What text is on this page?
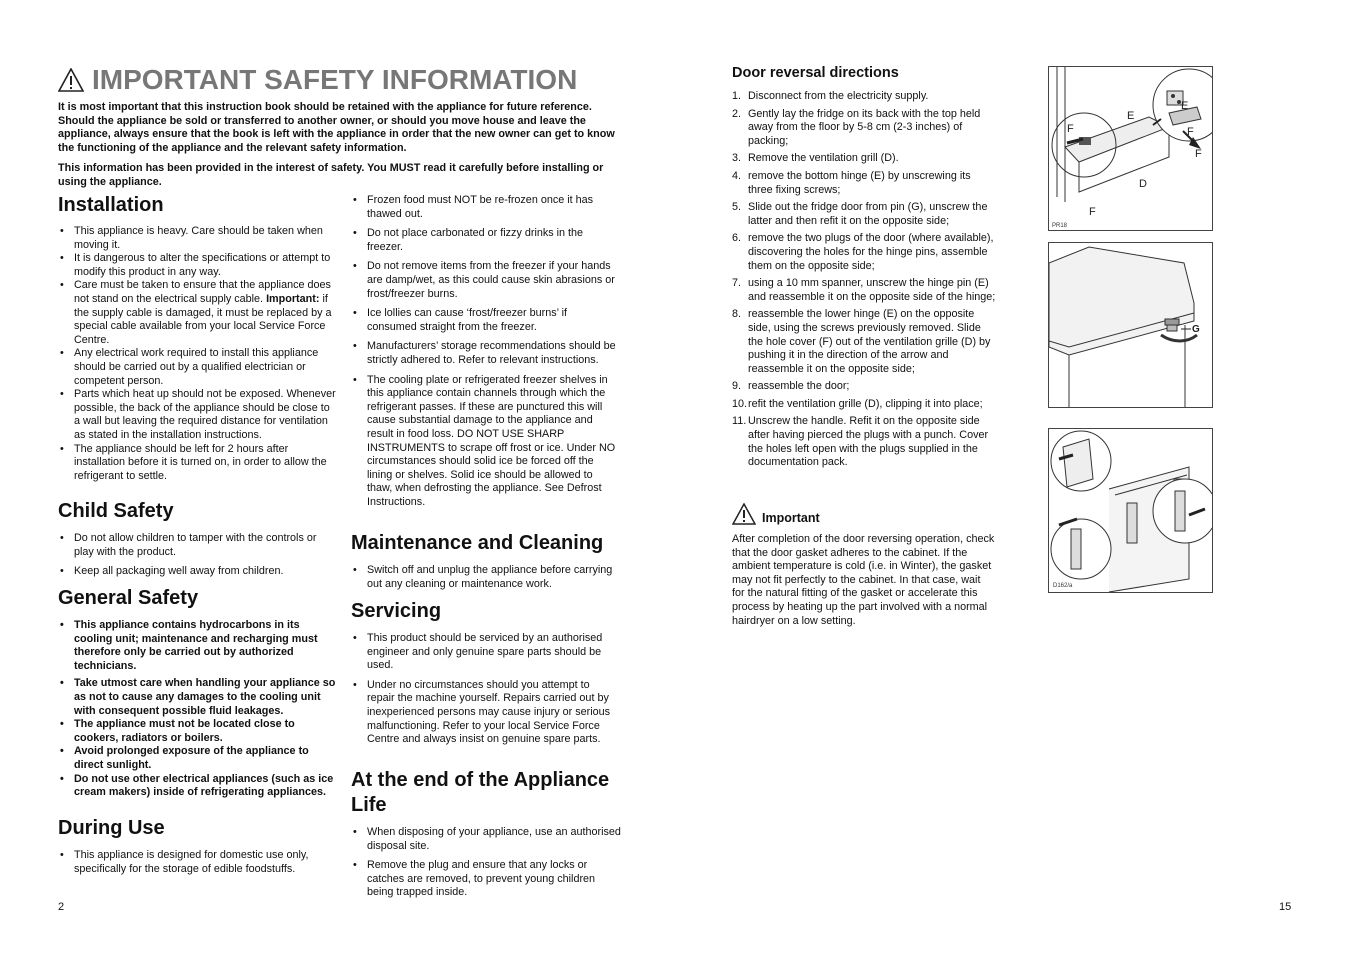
IMPORTANT SAFETY INFORMATION
It is most important that this instruction book should be retained with the appliance for future reference. Should the appliance be sold or transferred to another owner, or should you move house and leave the appliance, always ensure that the book is left with the appliance in order that the new owner can get to know the functioning of the appliance and the relevant safety information.
This information has been provided in the interest of safety. You MUST read it carefully before installing or using the appliance.
Installation
• This appliance is heavy. Care should be taken when moving it.
• It is dangerous to alter the specifications or attempt to modify this product in any way.
• Care must be taken to ensure that the appliance does not stand on the electrical supply cable. Important: if the supply cable is damaged, it must be replaced by a special cable available from your local Service Force Centre.
• Any electrical work required to install this appliance should be carried out by a qualified electrician or competent person.
• Parts which heat up should not be exposed. Whenever possible, the back of the appliance should be close to a wall but leaving the required distance for ventilation as stated in the installation instructions.
• The appliance should be left for 2 hours after installation before it is turned on, in order to allow the refrigerant to settle.
Child Safety
• Do not allow children to tamper with the controls or play with the product.
• Keep all packaging well away from children.
General Safety
• This appliance contains hydrocarbons in its cooling unit; maintenance and recharging must therefore only be carried out by authorized technicians.
• Take utmost care when handling your appliance so as not to cause any damages to the cooling unit with consequent possible fluid leakages.
• The appliance must not be located close to cookers, radiators or boilers.
• Avoid prolonged exposure of the appliance to direct sunlight.
• Do not use other electrical appliances (such as ice cream makers) inside of refrigerating appliances.
During Use
• This appliance is designed for domestic use only, specifically for the storage of edible foodstuffs.
2
• Frozen food must NOT be re-frozen once it has thawed out.
• Do not place carbonated or fizzy drinks in the freezer.
• Do not remove items from the freezer if your hands are damp/wet, as this could cause skin abrasions or frost/freezer burns.
• Ice lollies can cause ‘frost/freezer burns’ if consumed straight from the freezer.
• Manufacturers’ storage recommendations should be strictly adhered to. Refer to relevant instructions.
• The cooling plate or refrigerated freezer shelves in this appliance contain channels through which the refrigerant passes. If these are punctured this will cause substantial damage to the appliance and result in food loss. DO NOT USE SHARP INSTRUMENTS to scrape off frost or ice. Under NO circumstances should solid ice be forced off the lining or shelves. Solid ice should be allowed to thaw, when defrosting the appliance. See Defrost Instructions.
Maintenance and Cleaning
• Switch off and unplug the appliance before carrying out any cleaning or maintenance work.
Servicing
• This product should be serviced by an authorised engineer and only genuine spare parts should be used.
• Under no circumstances should you attempt to repair the machine yourself. Repairs carried out by inexperienced persons may cause injury or serious malfunctioning. Refer to your local Service Force Centre and always insist on genuine spare parts.
At the end of the Appliance Life
• When disposing of your appliance, use an authorised disposal site.
• Remove the plug and ensure that any locks or catches are removed, to prevent young children being trapped inside.
Door reversal directions
1. Disconnect from the electricity supply.
2. Gently lay the fridge on its back with the top held away from the floor by 5-8 cm (2-3 inches) of packing;
3. Remove the ventilation grill (D).
4. remove the bottom hinge (E) by unscrewing its three fixing screws;
5. Slide out the fridge door from pin (G), unscrew the latter and then refit it on the opposite side;
6. remove the two plugs of the door (where available), discovering the holes for the hinge pins, assemble them on the opposite side;
7. using a 10 mm spanner, unscrew the hinge pin (E) and reassemble it on the opposite side of the hinge;
8. reassemble the lower hinge (E) on the opposite side, using the screws previously removed. Slide the hole cover (F) out of the ventilation grille (D) by pushing it in the direction of the arrow and reassemble it on the opposite side;
9. reassemble the door;
10. refit the ventilation grille (D), clipping it into place;
11. Unscrew the handle. Refit it on the opposite side after having pierced the plugs with a punch. Cover the holes left open with the plugs supplied in the documentation pack.
Important
After completion of the door reversing operation, check that the door gasket adheres to the cabinet. If the ambient temperature is cold (i.e. in Winter), the gasket may not fit perfectly to the cabinet. In that case, wait for the natural fitting of the gasket or accelerate this process by heating up the part involved with a normal hairdryer on a low setting.
E
E
F	F
F
F
D
PR18
G
D162/a
15
